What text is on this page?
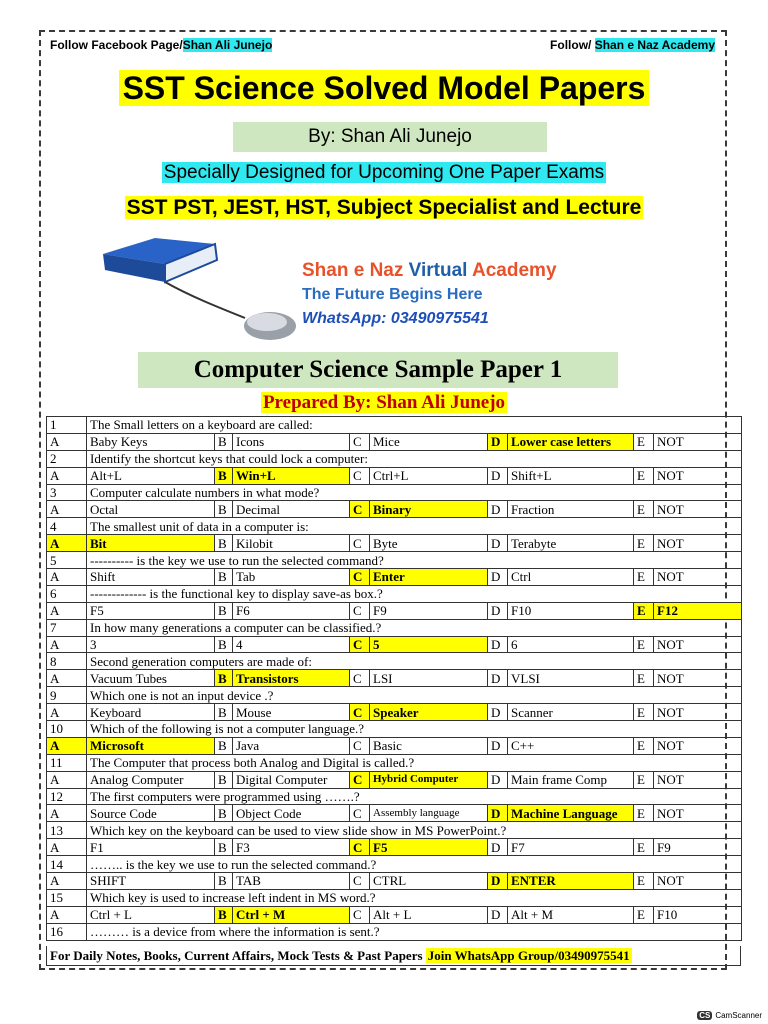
Follow Facebook Page/Shan Ali Junejo	Follow/ Shan e Naz Academy
SST Science Solved Model Papers
By: Shan Ali Junejo
Specially Designed for Upcoming One Paper Exams
SST PST, JEST, HST, Subject Specialist and Lecture
Shan e Naz Virtual Academy
The Future Begins Here
WhatsApp: 03490975541
Computer Science Sample Paper 1
Prepared By: Shan Ali Junejo
1	The Small letters on a keyboard are called:								
A	Baby Keys	B	Icons	C	Mice	D	Lower case letters	E	NOT
2	Identify the shortcut keys that could lock a computer:								
A	Alt+L	B	Win+L	C	Ctrl+L	D	Shift+L	E	NOT
3	Computer calculate numbers in what mode?								
A	Octal	B	Decimal	C	Binary	D	Fraction	E	NOT
4	The smallest unit of data in a computer is:								
A	Bit	B	Kilobit	C	Byte	D	Terabyte	E	NOT
5	---------- is the key we use to run the selected command?								
A	Shift	B	Tab	C	Enter	D	Ctrl	E	NOT
6	------------- is the functional key to display save-as box.?								
A	F5	B	F6	C	F9	D	F10	E	F12
7	In how many generations a computer can be classified.?								
A	3	B	4	C	5	D	6	E	NOT
8	Second generation computers are made of:								
A	Vacuum Tubes	B	Transistors	C	LSI	D	VLSI	E	NOT
9	Which one is not an input device .?								
A	Keyboard	B	Mouse	C	Speaker	D	Scanner	E	NOT
10	Which of the following is not a computer language.?								
A	Microsoft	B	Java	C	Basic	D	C++	E	NOT
11	The Computer that process both Analog and Digital is called.?								
A	Analog Computer	B	Digital Computer	C	Hybrid Computer	D	Main frame Comp	E	NOT
12	The first computers were programmed using …….?								
A	Source Code	B	Object Code	C	Assembly language	D	Machine Language	E	NOT
13	Which key on the keyboard can be used to view slide show in MS PowerPoint.?								
A	F1	B	F3	C	F5	D	F7	E	F9
14	…….. is the key we use to run the selected command.?								
A	SHIFT	B	TAB	C	CTRL	D	ENTER	E	NOT
15	Which key is used to increase left indent in MS word.?								
A	Ctrl + L	B	Ctrl + M	C	Alt + L	D	Alt + M	E	F10
16	……… is a device from where the information is sent.?								
For Daily Notes, Books, Current Affairs, Mock Tests & Past Papers Join WhatsApp Group/03490975541
CS CamScanner
